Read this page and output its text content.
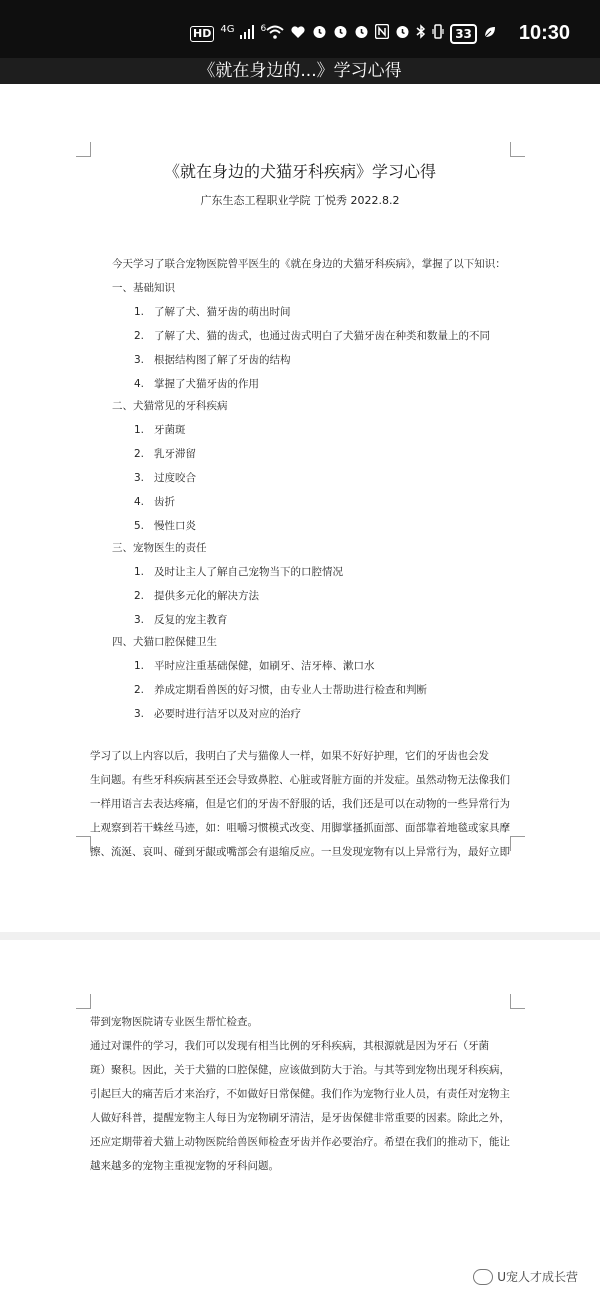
HD 4G	6	33 10:30
《就在身边的...》学习心得
《就在身边的犬猫牙科疾病》学习心得
广东生态工程职业学院 丁悦秀 2022.8.2
今天学习了联合宠物医院曾平医生的《就在身边的犬猫牙科疾病》，掌握了以下知识：
一、基础知识
1. 了解了犬、猫牙齿的萌出时间
2. 了解了犬、猫的齿式，也通过齿式明白了犬猫牙齿在种类和数量上的不同
3. 根据结构图了解了牙齿的结构
4. 掌握了犬猫牙齿的作用
二、犬猫常见的牙科疾病
1. 牙菌斑
2. 乳牙滞留
3. 过度咬合
4. 齿折
5. 慢性口炎
三、宠物医生的责任
1. 及时让主人了解自己宠物当下的口腔情况
2. 提供多元化的解决方法
3. 反复的宠主教育
四、犬猫口腔保健卫生
1. 平时应注重基础保健，如刷牙、洁牙棒、漱口水
2. 养成定期看兽医的好习惯，由专业人士帮助进行检查和判断
3. 必要时进行洁牙以及对应的治疗
学习了以上内容以后，我明白了犬与猫像人一样，如果不好好护理，它们的牙齿也会发
生问题。有些牙科疾病甚至还会导致鼻腔、心脏或肾脏方面的并发症。虽然动物无法像我们
一样用语言去表达疼痛，但是它们的牙齿不舒服的话，我们还是可以在动物的一些异常行为
上观察到若干蛛丝马迹，如：咀嚼习惯模式改变、用脚掌搔抓面部、面部靠着地毯或家具摩
擦、流涎、哀叫、碰到牙龈或嘴部会有退缩反应。一旦发现宠物有以上异常行为，最好立即
带到宠物医院请专业医生帮忙检查。
通过对课件的学习，我们可以发现有相当比例的牙科疾病，其根源就是因为牙石（牙菌
斑）聚积。因此，关于犬猫的口腔保健，应该做到防大于治。与其等到宠物出现牙科疾病，
引起巨大的痛苦后才来治疗，不如做好日常保健。我们作为宠物行业人员，有责任对宠物主
人做好科普，提醒宠物主人每日为宠物刷牙清洁，是牙齿保健非常重要的因素。除此之外，
还应定期带着犬猫上动物医院给兽医师检查牙齿并作必要治疗。希望在我们的推动下，能让
越来越多的宠物主重视宠物的牙科问题。
U宠人才成长营
